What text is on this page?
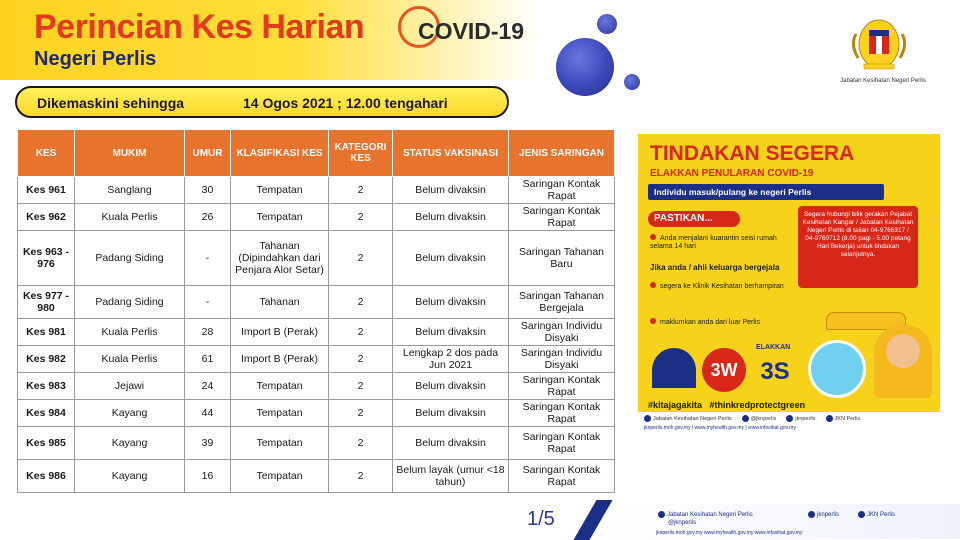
Perincian Kes Harian COVID-19
Negeri Perlis
Jabatan Kesihatan Negeri Perlis
Dikemaskini sehingga	14 Ogos 2021 ; 12.00 tengahari
KES	MUKIM	UMUR	KLASIFIKASI KES	KATEGORI KES	STATUS VAKSINASI	JENIS SARINGAN
Kes 961	Sanglang	30	Tempatan	2	Belum divaksin	Saringan Kontak Rapat
Kes 962	Kuala Perlis	26	Tempatan	2	Belum divaksin	Saringan Kontak Rapat
Kes 963 - 976	Padang Siding	-	Tahanan (Dipindahkan dari Penjara Alor Setar)	2	Belum divaksin	Saringan Tahanan Baru
Kes 977 - 980	Padang Siding	-	Tahanan	2	Belum divaksin	Saringan Tahanan Bergejala
Kes 981	Kuala Perlis	28	Import B (Perak)	2	Belum divaksin	Saringan Individu Disyaki
Kes 982	Kuala Perlis	61	Import B (Perak)	2	Lengkap 2 dos pada Jun 2021	Saringan Individu Disyaki
Kes 983	Jejawi	24	Tempatan	2	Belum divaksin	Saringan Kontak Rapat
Kes 984	Kayang	44	Tempatan	2	Belum divaksin	Saringan Kontak Rapat
Kes 985	Kayang	39	Tempatan	2	Belum divaksin	Saringan Kontak Rapat
Kes 986	Kayang	16	Tempatan	2	Belum layak (umur <18 tahun)	Saringan Kontak Rapat
TINDAKAN SEGERA
ELAKKAN PENULARAN COVID-19
Individu masuk/pulang ke negeri Perlis
PASTIKAN...	Segera hubungi bilik gerakan Pejabat Kesihatan Kangar / Jabatan Kesihatan Negeri Perlis di talian 04-9766317 / 04-9760712 (8.00 pagi - 5.00 petang Hari Bekerja) untuk tindakan selanjutnya.
Anda menjalani kuarantin seisi rumah selama 14 hari
Jika anda / ahli keluarga bergejala
segera ke Klinik Kesihatan berhampiran
maklumkan anda dari luar Perlis
3W
ELAKKAN
3S
#kitajagakita #thinkredprotectgreen
Jabatan Kesihatan Negeri Perlis	@jknperlis	jknperlis	JKN Perlis
jknperlis.moh.gov.my | www.myhealth.gov.my | www.infosihat.gov.my
1/5	Jabatan Kesihatan Negeri Perlis
@jknperlis
jknperlis	JKN Perlis
jknperlis.moh.gov.my www.myhealth.gov.my www.infosihat.gov.my
